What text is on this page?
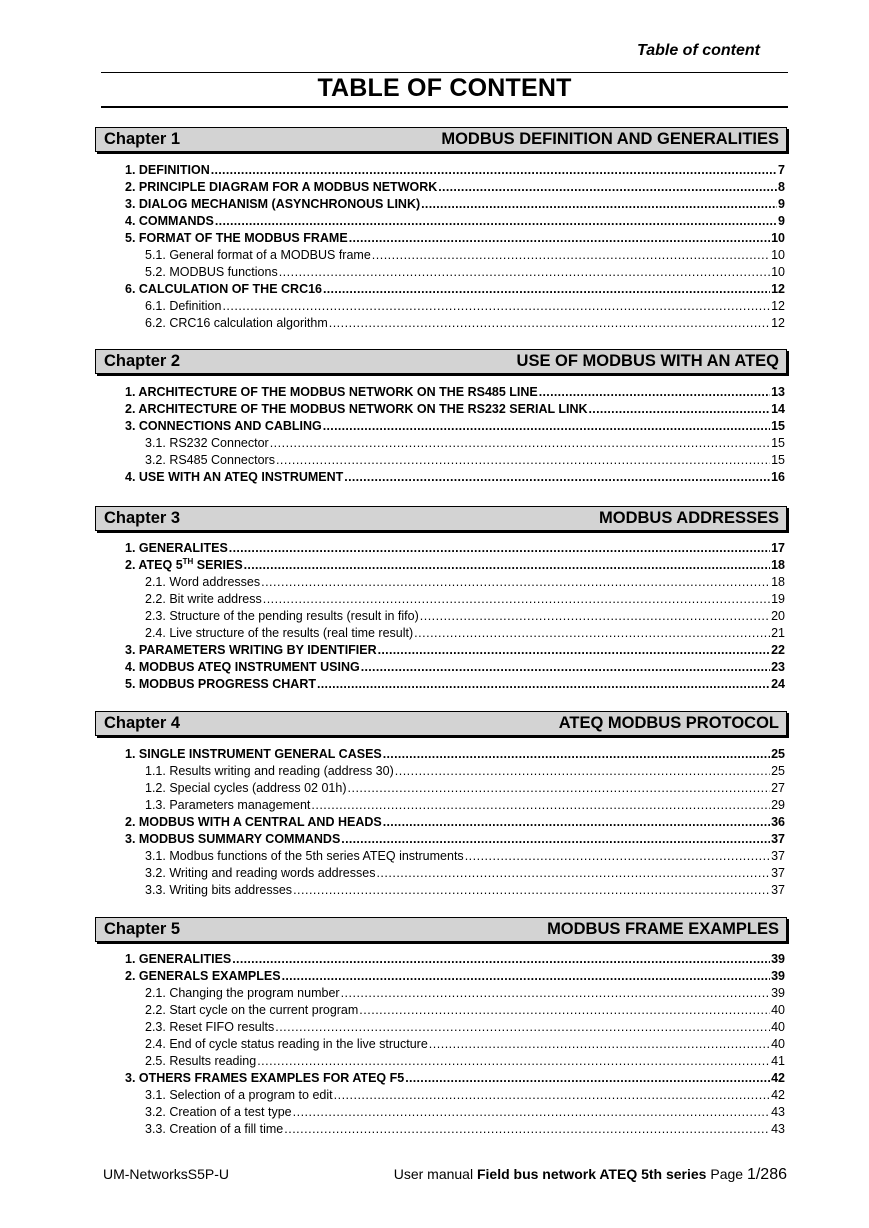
Table of content
TABLE OF CONTENT
Chapter 1	MODBUS DEFINITION AND GENERALITIES
1. DEFINITION .....	7
2. PRINCIPLE DIAGRAM FOR A MODBUS NETWORK .....	8
3. DIALOG MECHANISM (ASYNCHRONOUS LINK) .....	9
4. COMMANDS .....	9
5. FORMAT OF THE MODBUS FRAME .....	10
5.1. General format of a MODBUS frame .....	10
5.2. MODBUS functions .....	10
6. CALCULATION OF THE CRC16 .....	12
6.1. Definition .....	12
6.2. CRC16 calculation algorithm .....	12
Chapter 2	USE OF MODBUS WITH AN ATEQ
1. ARCHITECTURE OF THE MODBUS NETWORK ON THE RS485 LINE .....	13
2. ARCHITECTURE OF THE MODBUS NETWORK ON THE RS232 SERIAL LINK .....	14
3. CONNECTIONS AND CABLING .....	15
3.1. RS232 Connector .....	15
3.2. RS485 Connectors .....	15
4. USE WITH AN ATEQ INSTRUMENT .....	16
Chapter 3	MODBUS ADDRESSES
1. GENERALITES .....	17
2. ATEQ 5TH SERIES .....	18
2.1. Word addresses .....	18
2.2. Bit write address .....	19
2.3. Structure of the pending results (result in fifo) .....	20
2.4. Live structure of the results (real time result) .....	21
3. PARAMETERS WRITING BY IDENTIFIER .....	22
4. MODBUS ATEQ INSTRUMENT USING .....	23
5. MODBUS PROGRESS CHART .....	24
Chapter 4	ATEQ MODBUS PROTOCOL
1. SINGLE INSTRUMENT GENERAL CASES .....	25
1.1. Results writing and reading (address 30) .....	25
1.2. Special cycles (address 02 01h) .....	27
1.3. Parameters management .....	29
2. MODBUS WITH A CENTRAL AND HEADS .....	36
3. MODBUS SUMMARY COMMANDS .....	37
3.1. Modbus functions of the 5th series ATEQ instruments .....	37
3.2. Writing and reading words addresses .....	37
3.3. Writing bits addresses .....	37
Chapter 5	MODBUS FRAME EXAMPLES
1. GENERALITIES .....	39
2. GENERALS EXAMPLES .....	39
2.1. Changing the program number .....	39
2.2. Start cycle on the current program .....	40
2.3. Reset FIFO results .....	40
2.4. End of cycle status reading in the live structure .....	40
2.5. Results reading .....	41
3. OTHERS FRAMES EXAMPLES FOR ATEQ F5 .....	42
3.1. Selection of a program to edit .....	42
3.2. Creation of a test type .....	43
3.3. Creation of a fill time .....	43
UM-NetworksS5P-U	User manual Field bus network ATEQ 5th series Page 1/286
